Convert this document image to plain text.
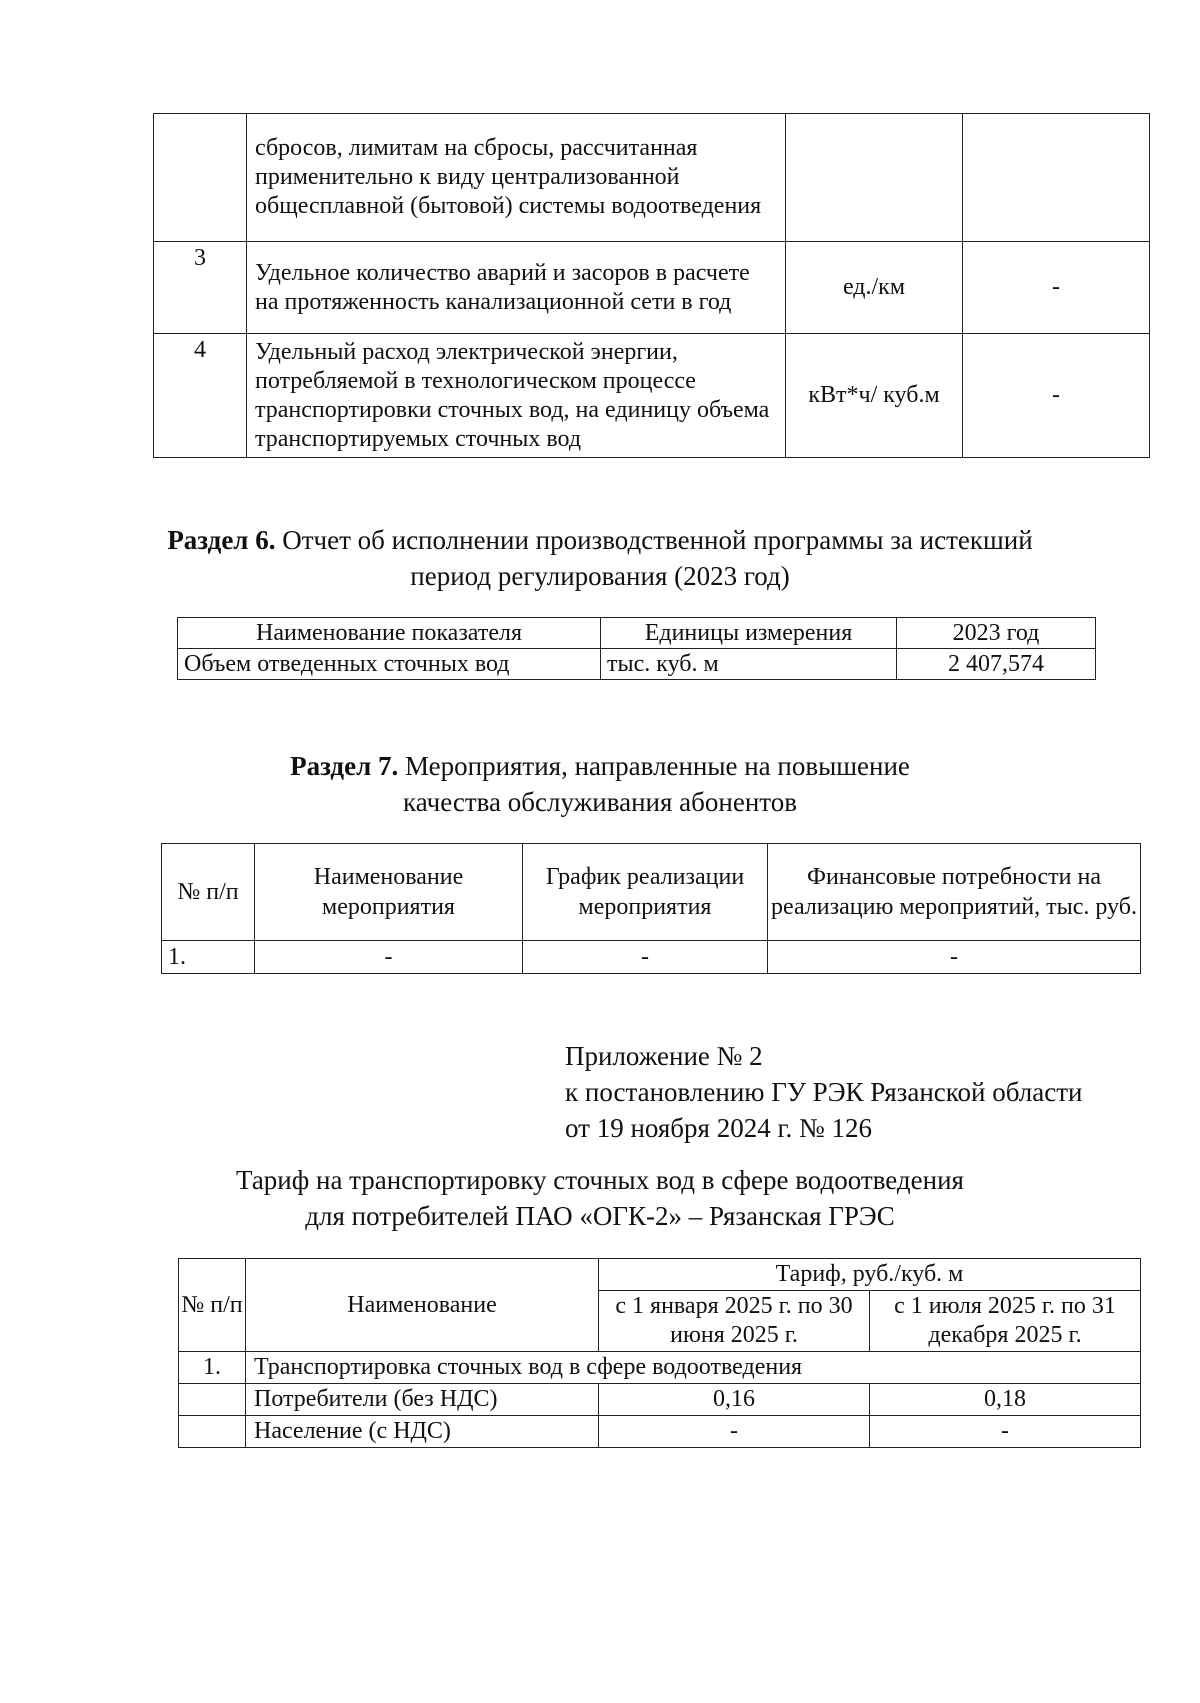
	сбросов, лимитам на сбросы, рассчитанная применительно к виду централизованной общесплавной (бытовой) системы водоотведения		
3	Удельное количество аварий и засоров в расчете на протяженность канализационной сети в год	ед./км	-
4	Удельный расход электрической энергии, потребляемой в технологическом процессе транспортировки сточных вод, на единицу объема транспортируемых сточных вод	кВт*ч/ куб.м	-
Раздел 6. Отчет об исполнении производственной программы за истекший
период регулирования (2023 год)
Наименование показателя	Единицы измерения	2023 год
Объем отведенных сточных вод	тыс. куб. м	2 407,574
Раздел 7. Мероприятия, направленные на повышение
качества обслуживания абонентов
№ п/п	Наименование мероприятия	График реализации мероприятия	Финансовые потребности на реализацию мероприятий, тыс. руб.
1.	-	-	-
Приложение № 2
к постановлению ГУ РЭК Рязанской области
от 19 ноября 2024 г. № 126
Тариф на транспортировку сточных вод в сфере водоотведения
для потребителей ПАО «ОГК-2» – Рязанская ГРЭС
№ п/п	Наименование	Тариф, руб./куб. м	
		с 1 января 2025 г. по 30 июня 2025 г.	с 1 июля 2025 г. по 31 декабря 2025 г.
1.	Транспортировка сточных вод в сфере водоотведения		
	Потребители (без НДС)	0,16	0,18
	Население (с НДС)	-	-
